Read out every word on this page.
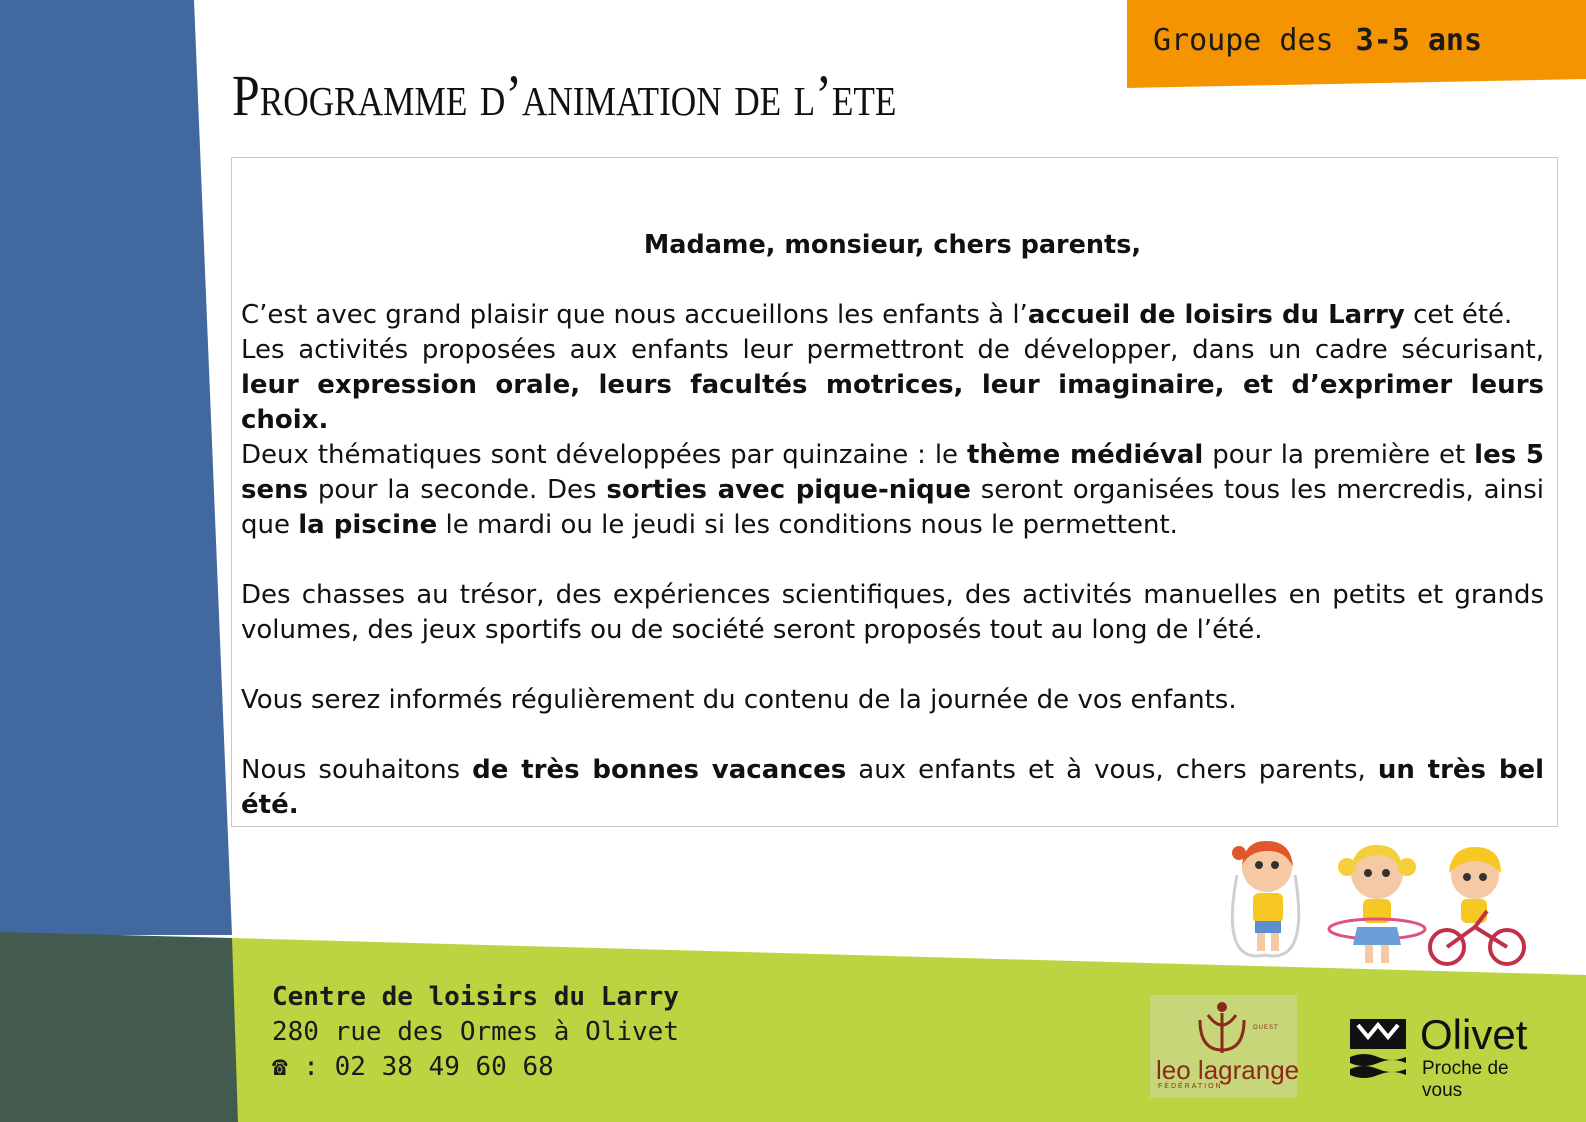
Groupe des 3-5 ans
Programme d’animation de l’ete

Madame, monsieur, chers parents,

C’est avec grand plaisir que nous accueillons les enfants à l’accueil de loisirs du Larry cet été.
Les activités proposées aux enfants leur permettront de développer, dans un cadre sécurisant, leur expression orale, leurs facultés motrices, leur imaginaire, et d’exprimer leurs choix.
Deux thématiques sont développées par quinzaine : le thème médiéval pour la première et les 5 sens pour la seconde. Des sorties avec pique-nique seront organisées tous les mercredis, ainsi que la piscine le mardi ou le jeudi si les conditions nous le permettent.

Des chasses au trésor, des expériences scientifiques, des activités manuelles en petits et grands volumes, des jeux sportifs ou de société seront proposés tout au long de l’été.

Vous serez informés régulièrement du contenu de la journée de vos enfants.

Nous souhaitons de très bonnes vacances aux enfants et à vous, chers parents, un très bel été.

Centre de loisirs du Larry
280 rue des Ormes à Olivet
☎ : 02 38 49 60 68
OUEST
leo lagrange
FÉDÉRATION
Olivet
Proche de vous
